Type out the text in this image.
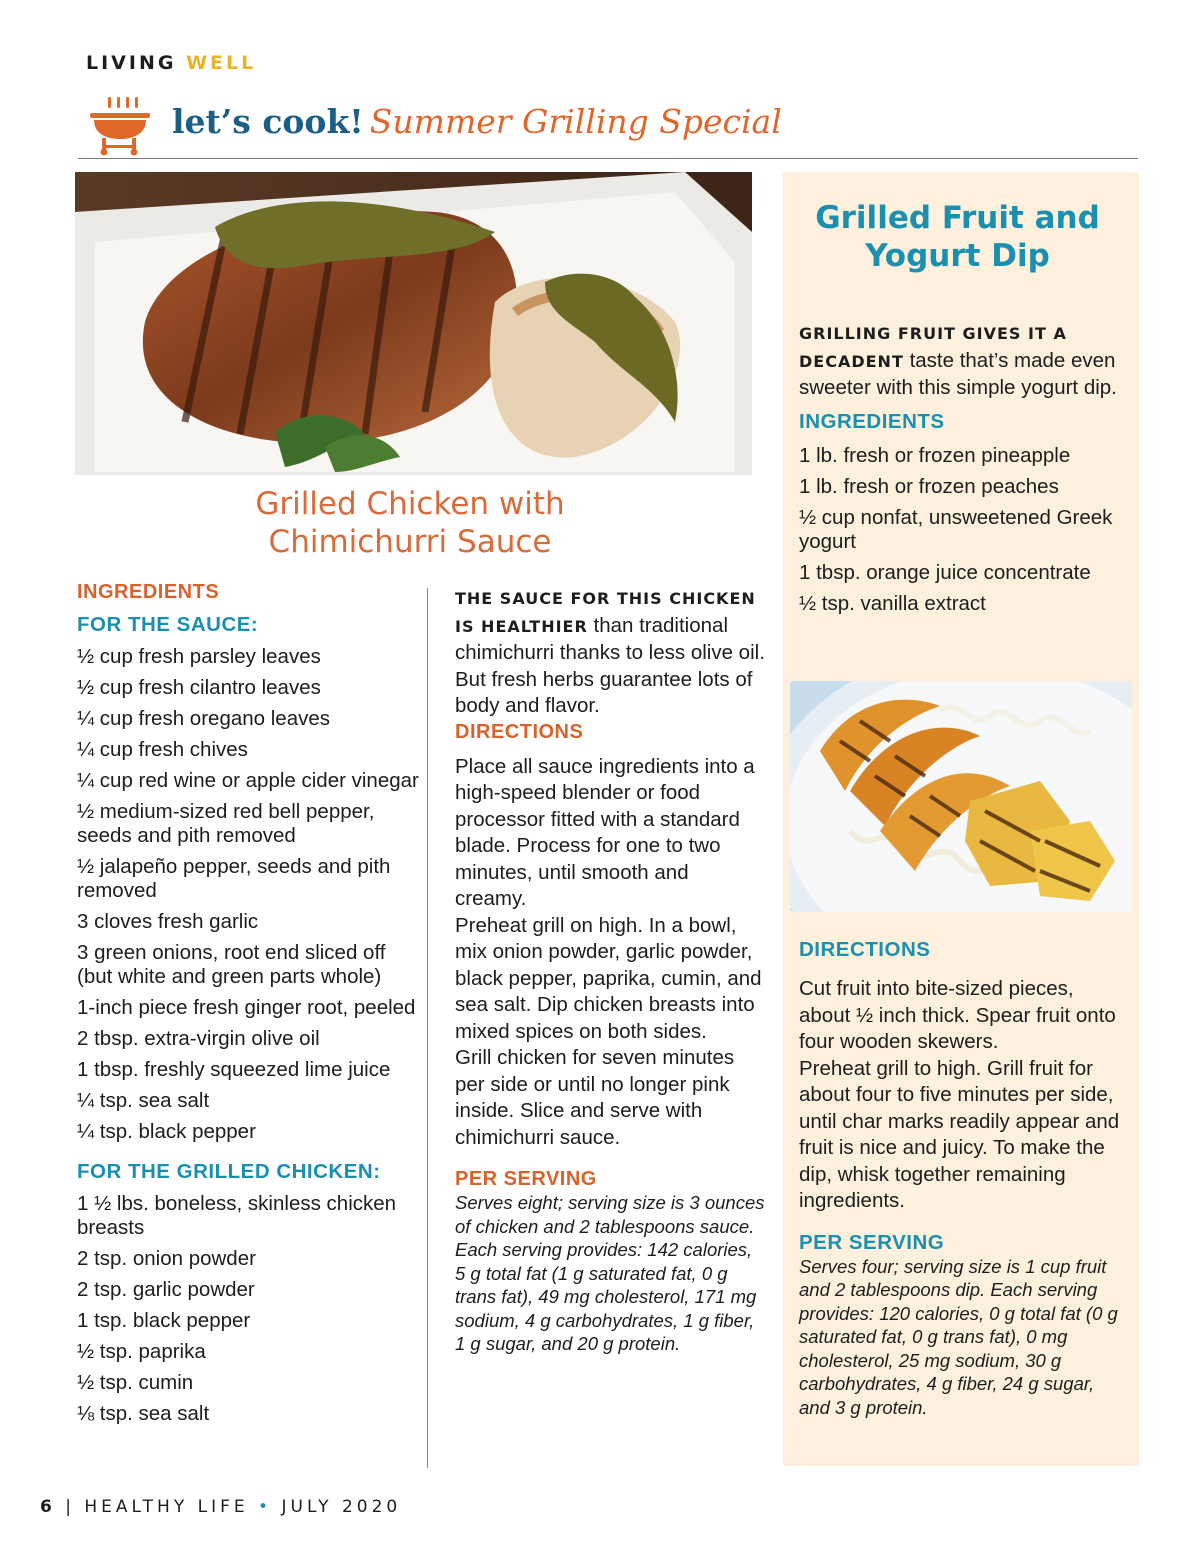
LIVING WELL
let’s cook! Summer Grilling Special
Grilled Chicken with
Chimichurri Sauce

INGREDIENTS

FOR THE SAUCE:

½ cup fresh parsley leaves

½ cup fresh cilantro leaves

¼ cup fresh oregano leaves

¼ cup fresh chives

¼ cup red wine or apple cider vinegar

½ medium-sized red bell pepper, seeds and pith removed

½ jalapeño pepper, seeds and pith removed

3 cloves fresh garlic

3 green onions, root end sliced off (but white and green parts whole)

1-inch piece fresh ginger root, peeled

2 tbsp. extra-virgin olive oil

1 tbsp. freshly squeezed lime juice

¼ tsp. sea salt

¼ tsp. black pepper

FOR THE GRILLED CHICKEN:

1 ½ lbs. boneless, skinless chicken breasts

2 tsp. onion powder

2 tsp. garlic powder

1 tsp. black pepper

½ tsp. paprika

½ tsp. cumin

⅛ tsp. sea salt

THE SAUCE FOR THIS CHICKEN IS HEALTHIER than traditional chimichurri thanks to less olive oil. But fresh herbs guarantee lots of body and flavor.

DIRECTIONS

Place all sauce ingredients into a high-speed blender or food processor fitted with a standard blade. Process for one to two minutes, until smooth and creamy.

Preheat grill on high. In a bowl, mix onion powder, garlic powder, black pepper, paprika, cumin, and sea salt. Dip chicken breasts into mixed spices on both sides.

Grill chicken for seven minutes per side or until no longer pink inside. Slice and serve with chimichurri sauce.

PER SERVING

Serves eight; serving size is 3 ounces of chicken and 2 tablespoons sauce. Each serving provides: 142 calories, 5 g total fat (1 g saturated fat, 0 g trans fat), 49 mg cholesterol, 171 mg sodium, 4 g carbohydrates, 1 g fiber, 1 g sugar, and 20 g protein.

Grilled Fruit and
Yogurt Dip

GRILLING FRUIT GIVES IT A DECADENT taste that’s made even sweeter with this simple yogurt dip.

INGREDIENTS

1 lb. fresh or frozen pineapple

1 lb. fresh or frozen peaches

½ cup nonfat, unsweetened Greek yogurt

1 tbsp. orange juice concentrate

½ tsp. vanilla extract

DIRECTIONS

Cut fruit into bite-sized pieces, about ½ inch thick. Spear fruit onto four wooden skewers.

Preheat grill to high. Grill fruit for about four to five minutes per side, until char marks readily appear and fruit is nice and juicy. To make the dip, whisk together remaining ingredients.

PER SERVING

Serves four; serving size is 1 cup fruit and 2 tablespoons dip. Each serving provides: 120 calories, 0 g total fat (0 g saturated fat, 0 g trans fat), 0 mg cholesterol, 25 mg sodium, 30 g carbohydrates, 4 g fiber, 24 g sugar, and 3 g protein.

6 | HEALTHY LIFE • JULY 2020
